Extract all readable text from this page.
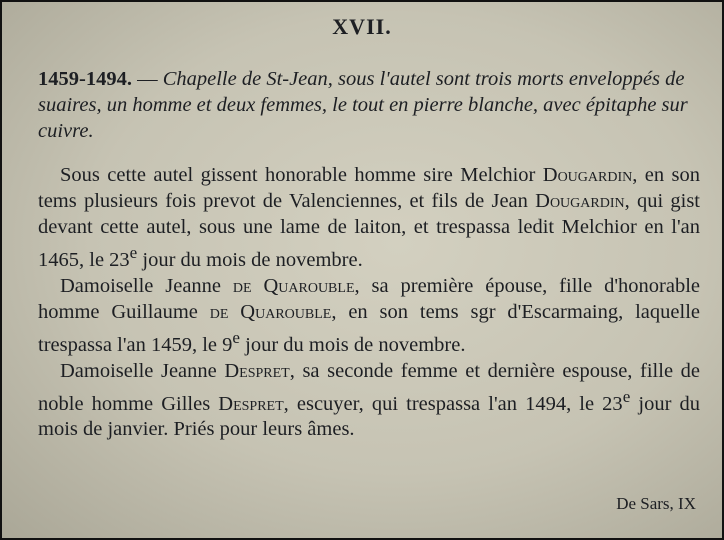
XVII.
1459-1494. — Chapelle de St-Jean, sous l'autel sont trois morts enveloppés de suaires, un homme et deux femmes, le tout en pierre blanche, avec épitaphe sur cuivre.

Sous cette autel gissent honorable homme sire Melchior Dougardin, en son tems plusieurs fois prevot de Valenciennes, et fils de Jean Dougardin, qui gist devant cette autel, sous une lame de laiton, et trespassa ledit Melchior en l'an 1465, le 23e jour du mois de novembre.

Damoiselle Jeanne de Quarouble, sa première épouse, fille d'honorable homme Guillaume de Quarouble, en son tems sgr d'Escarmaing, laquelle trespassa l'an 1459, le 9e jour du mois de novembre.

Damoiselle Jeanne Despret, sa seconde femme et dernière espouse, fille de noble homme Gilles Despret, escuyer, qui trespassa l'an 1494, le 23e jour du mois de janvier. Priés pour leurs âmes.

De Sars, IX
